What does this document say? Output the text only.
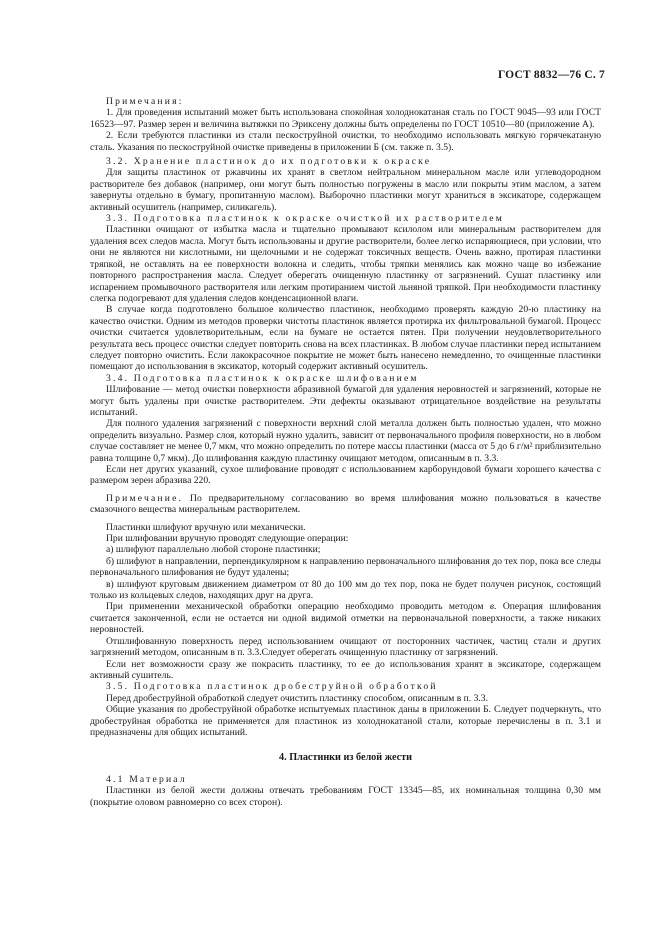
ГОСТ 8832—76 С. 7

Примечания:

1. Для проведения испытаний может быть использована спокойная холоднокатаная сталь по ГОСТ 9045—93 или ГОСТ 16523—97. Размер зерен и величина вытяжки по Эриксену должны быть определены по ГОСТ 10510—80 (приложение А).

2. Если требуются пластинки из стали пескоструйной очистки, то необходимо использовать мягкую горячекатаную сталь. Указания по пескоструйной очистке приведены в приложении Б (см. также п. 3.5).

3.2. Хранение пластинок до их подготовки к окраске

Для защиты пластинок от ржавчины их хранят в светлом нейтральном минеральном масле или углеводородном растворителе без добавок (например, они могут быть полностью погружены в масло или покрыты этим маслом, а затем завернуты отдельно в бумагу, пропитанную маслом). Выборочно пластинки могут храниться в эксикаторе, содержащем активный осушитель (например, силикагель).

3.3. Подготовка пластинок к окраске очисткой их растворителем

Пластинки очищают от избытка масла и тщательно промывают ксилолом или минеральным растворителем для удаления всех следов масла. Могут быть использованы и другие растворители, более легко испаряющиеся, при условии, что они не являются ни кислотными, ни щелочными и не содержат токсичных веществ. Очень важно, протирая пластинки тряпкой, не оставлять на ее поверхности волокна и следить, чтобы тряпки менялись как можно чаще во избежание повторного распространения масла. Следует оберегать очищенную пластинку от загрязнений. Сушат пластинку или испарением промывочного растворителя или легким протиранием чистой льняной тряпкой. При необходимости пластинку слегка подогревают для удаления следов конденсационной влаги.

В случае когда подготовлено большое количество пластинок, необходимо проверять каждую 20-ю пластинку на качество очистки. Одним из методов проверки чистоты пластинок является протирка их фильтровальной бумагой. Процесс очистки считается удовлетворительным, если на бумаге не остается пятен. При получении неудовлетворительного результата весь процесс очистки следует повторить снова на всех пластинках. В любом случае пластинки перед испытанием следует повторно очистить. Если лакокрасочное покрытие не может быть нанесено немедленно, то очищенные пластинки помещают до использования в эксикатор, который содержит активный осушитель.

3.4. Подготовка пластинок к окраске шлифованием

Шлифование — метод очистки поверхности абразивной бумагой для удаления неровностей и загрязнений, которые не могут быть удалены при очистке растворителем. Эти дефекты оказывают отрицательное воздействие на результаты испытаний.

Для полного удаления загрязнений с поверхности верхний слой металла должен быть полностью удален, что можно определить визуально. Размер слоя, который нужно удалить, зависит от первоначального профиля поверхности, но в любом случае составляет не менее 0,7 мкм, что можно определить по потере массы пластинки (масса от 5 до 6 г/м² приблизительно равна толщине 0,7 мкм). До шлифования каждую пластинку очищают методом, описанным в п. 3.3.

Если нет других указаний, сухое шлифование проводят с использованием карборундовой бумаги хорошего качества с размером зерен абразива 220.

Примечание. По предварительному согласованию во время шлифования можно пользоваться в качестве смазочного вещества минеральным растворителем.

Пластинки шлифуют вручную или механически.

При шлифовании вручную проводят следующие операции:

а) шлифуют параллельно любой стороне пластинки;

б) шлифуют в направлении, перпендикулярном к направлению первоначального шлифования до тех пор, пока все следы первоначального шлифования не будут удалены;

в) шлифуют круговым движением диаметром от 80 до 100 мм до тех пор, пока не будет получен рисунок, состоящий только из кольцевых следов, находящих друг на друга.

При применении механической обработки операцию необходимо проводить методом в. Операция шлифования считается законченной, если не остается ни одной видимой отметки на первоначальной поверхности, а также никаких неровностей.

Отшлифованную поверхность перед использованием очищают от посторонних частичек, частиц стали и других загрязнений методом, описанным в п. 3.3.Следует оберегать очищенную пластинку от загрязнений.

Если нет возможности сразу же покрасить пластинку, то ее до использования хранят в эксикаторе, содержащем активный сушитель.

3.5. Подготовка пластинок дробеструйной обработкой

Перед дробеструйной обработкой следует очистить пластинку способом, описанным в п. 3.3.

Общие указания по дробеструйной обработке испытуемых пластинок даны в приложении Б. Следует подчеркнуть, что дробеструйная обработка не применяется для пластинок из холоднокатаной стали, которые перечислены в п. 3.1 и предназначены для общих испытаний.

4. Пластинки из белой жести

4.1 Материал

Пластинки из белой жести должны отвечать требованиям ГОСТ 13345—85, их номинальная толщина 0,30 мм (покрытие оловом равномерно со всех сторон).
